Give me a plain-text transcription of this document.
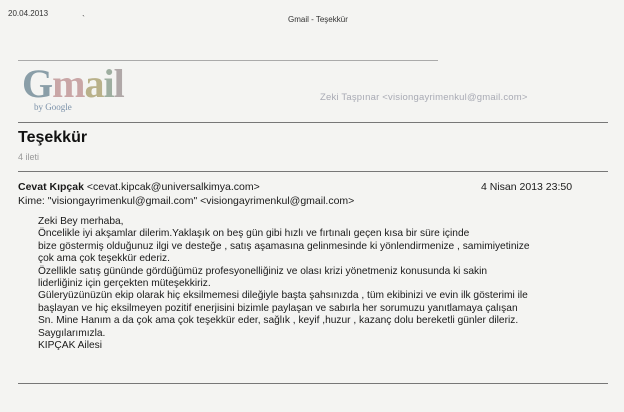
20.04.2013
`	Gmail - Teşekkür
Gmail
by Google
Zeki Taşpınar <visiongayrimenkul@gmail.com>
Teşekkür
4 ileti
Cevat Kıpçak <cevat.kipcak@universalkimya.com>
Kime: "visiongayrimenkul@gmail.com" <visiongayrimenkul@gmail.com>
4 Nisan 2013 23:50
Zeki Bey merhaba,
Öncelikle iyi akşamlar dilerim.Yaklaşık on beş gün gibi hızlı ve fırtınalı geçen kısa bir süre içinde
bize göstermiş olduğunuz ilgi ve desteğe , satış aşamasına gelinmesinde ki yönlendirmenize , samimiyetinize
çok ama çok teşekkür ederiz.
Özellikle satış gününde gördüğümüz profesyonelliğiniz ve olası krizi yönetmeniz konusunda ki sakin
liderliğiniz için gerçekten müteşekkiriz.
Güleryüzünüzün ekip olarak hiç eksilmemesi dileğiyle başta şahsınızda , tüm ekibinizi ve evin ilk gösterimi ile
başlayan ve hiç eksilmeyen pozitif enerjisini bizimle paylaşan ve sabırla her sorumuzu yanıtlamaya çalışan
Sn. Mine Hanım a da çok ama çok teşekkür eder, sağlık , keyif ,huzur , kazanç dolu bereketli günler dileriz.
Saygılarımızla.
KIPÇAK Ailesi
